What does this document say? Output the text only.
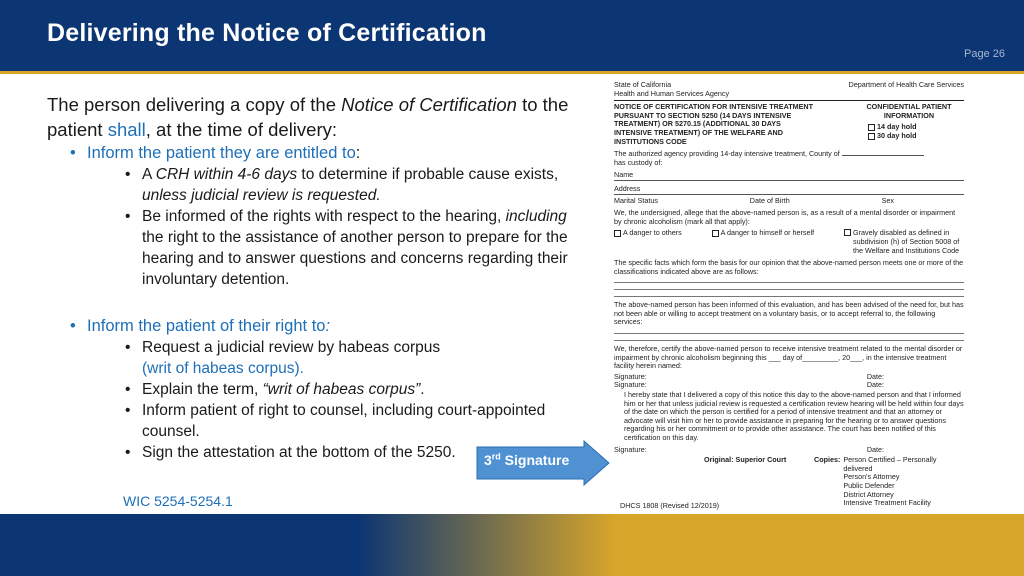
Delivering the Notice of Certification
Page 26

The person delivering a copy of the Notice of Certification to the patient shall, at the time of delivery:

• Inform the patient they are entitled to:
• A CRH within 4-6 days to determine if probable cause exists, unless judicial review is requested.
• Be informed of the rights with respect to the hearing, including the right to the assistance of another person to prepare for the hearing and to answer questions and concerns regarding their involuntary detention.
• Inform the patient of their right to:
• Request a judicial review by habeas corpus
(writ of habeas corpus).
• Explain the term, “writ of habeas corpus”.
• Inform patient of right to counsel, including court-appointed counsel.
• Sign the attestation at the bottom of the 5250.
WIC 5254-5254.1
State of California
Health and Human Services Agency
Department of Health Care Services
NOTICE OF CERTIFICATION FOR INTENSIVE TREATMENT PURSUANT TO SECTION 5250 (14 DAYS INTENSIVE TREATMENT) OR 5270.15 (ADDITIONAL 30 DAYS INTENSIVE TREATMENT) OF THE WELFARE AND INSTITUTIONS CODE
CONFIDENTIAL PATIENT INFORMATION
14 day hold
30 day hold
The authorized agency providing 14-day intensive treatment, County of
has custody of:
Name
Address
Marital Status	Date of Birth	Sex
We, the undersigned, allege that the above-named person is, as a result of a mental disorder or impairment by chronic alcoholism (mark all that apply):
A danger to others	A danger to himself or herself	Gravely disabled as defined in subdivision (h) of Section 5008 of the Welfare and Institutions Code
The specific facts which form the basis for our opinion that the above-named person meets one or more of the classifications indicated above are as follows:
The above-named person has been informed of this evaluation, and has been advised of the need for, but has not been able or willing to accept treatment on a voluntary basis, or to accept referral to, the following services:
We, therefore, certify the above-named person to receive intensive treatment related to the mental disorder or impairment by chronic alcoholism beginning this ___ day of_________, 20___, in the intensive treatment facility herein named:
Signature:	Date:
Signature:	Date:
I hereby state that I delivered a copy of this notice this day to the above-named person and that I informed him or her that unless judicial review is requested a certification review hearing will be held within four days of the date on which the person is certified for a period of intensive treatment and that an attorney or advocate will visit him or her to provide assistance in preparing for the hearing or to answer questions regarding his or her commitment or to provide other assistance. The court has been notified of this certification on this day.
Signature:	Date:
Original: Superior Court	Copies: Person Certified – Personally delivered
Person's Attorney
Public Defender
District Attorney
Intensive Treatment Facility
DHCS 1808 (Revised 12/2019)
3rd Signature
